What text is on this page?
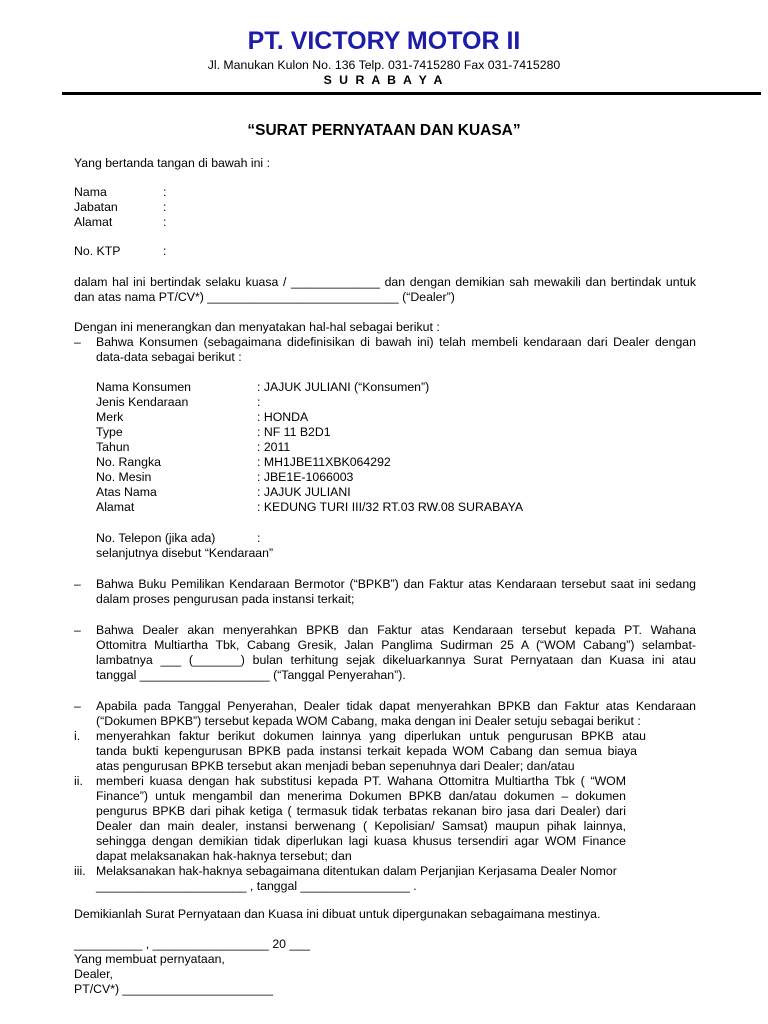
PT. VICTORY MOTOR II
Jl. Manukan Kulon No. 136 Telp. 031-7415280 Fax 031-7415280
S U R A B A Y A
“SURAT PERNYATAAN DAN KUASA”
Yang bertanda tangan di bawah ini :
Nama	:
Jabatan	:
Alamat	:
No. KTP	:
dalam hal ini bertindak selaku kuasa / _____________ dan dengan demikian sah mewakili dan bertindak untuk
dan atas nama PT/CV*) ____________________________ (“Dealer”)
Dengan ini menerangkan dan menyatakan hal-hal sebagai berikut :
– Bahwa Konsumen (sebagaimana didefinisikan di bawah ini) telah membeli kendaraan dari Dealer dengan
data-data sebagai berikut :
Nama Konsumen	: JAJUK JULIANI (“Konsumen”)
Jenis Kendaraan	:
Merk	: HONDA
Type	: NF 11 B2D1
Tahun	: 2011
No. Rangka	: MH1JBE11XBK064292
No. Mesin	: JBE1E-1066003
Atas Nama	: JAJUK JULIANI
Alamat	: KEDUNG TURI III/32 RT.03 RW.08 SURABAYA
No. Telepon (jika ada)	:
selanjutnya disebut “Kendaraan”
– Bahwa Buku Pemilikan Kendaraan Bermotor (“BPKB”) dan Faktur atas Kendaraan tersebut saat ini sedang
dalam proses pengurusan pada instansi terkait;
– Bahwa Dealer akan menyerahkan BPKB dan Faktur atas Kendaraan tersebut kepada PT. Wahana
Ottomitra Multiartha Tbk, Cabang Gresik, Jalan Panglima Sudirman 25 A (“WOM Cabang”) selambat-
lambatnya ___ (_______) bulan terhitung sejak dikeluarkannya Surat Pernyataan dan Kuasa ini atau
tanggal ___________________ (“Tanggal Penyerahan”).
– Apabila pada Tanggal Penyerahan, Dealer tidak dapat menyerahkan BPKB dan Faktur atas Kendaraan
(“Dokumen BPKB”) tersebut kepada WOM Cabang, maka dengan ini Dealer setuju sebagai berikut :
i. menyerahkan faktur berikut dokumen lainnya yang diperlukan untuk pengurusan BPKB atau
tanda bukti kepengurusan BPKB pada instansi terkait kepada WOM Cabang dan semua biaya
atas pengurusan BPKB tersebut akan menjadi beban sepenuhnya dari Dealer; dan/atau
ii. memberi kuasa dengan hak substitusi kepada PT. Wahana Ottomitra Multiartha Tbk ( “WOM
Finance”) untuk mengambil dan menerima Dokumen BPKB dan/atau dokumen – dokumen
pengurus BPKB dari pihak ketiga ( termasuk tidak terbatas rekanan biro jasa dari Dealer) dari
Dealer dan main dealer, instansi berwenang ( Kepolisian/ Samsat) maupun pihak lainnya,
sehingga dengan demikian tidak diperlukan lagi kuasa khusus tersendiri agar WOM Finance
dapat melaksanakan hak-haknya tersebut; dan
iii. Melaksanakan hak-haknya sebagaimana ditentukan dalam Perjanjian Kerjasama Dealer Nomor
______________________ , tanggal ________________ .
Demikianlah Surat Pernyataan dan Kuasa ini dibuat untuk dipergunakan sebagaimana mestinya.
__________ , _________________ 20 ___
Yang membuat pernyataan,
Dealer,
PT/CV*) ______________________
